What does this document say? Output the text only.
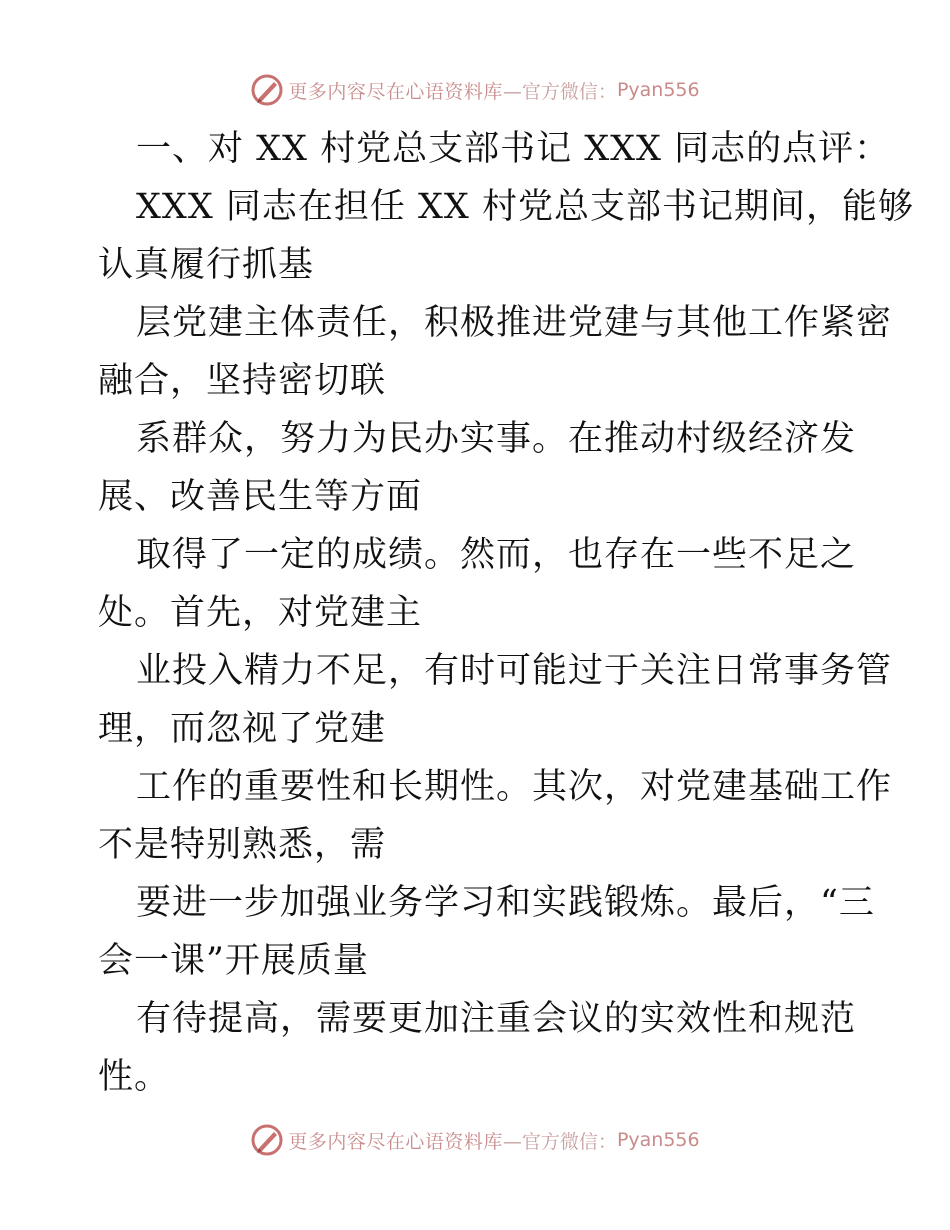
更多内容尽在心语资料库 —官方微信： Pyan556
一、对 XX 村党总支部书记 XXX 同志的点评：
XXX 同志在担任 XX 村党总支部书记期间，能够
认真履行抓基
层党建主体责任，积极推进党建与其他工作紧密
融合，坚持密切联
系群众，努力为民办实事。在推动村级经济发
展、改善民生等方面
取得了一定的成绩。然而，也存在一些不足之
处。首先，对党建主
业投入精力不足，有时可能过于关注日常事务管
理，而忽视了党建
工作的重要性和长期性。其次，对党建基础工作
不是特别熟悉，需
要进一步加强业务学习和实践锻炼。最后，“三
会一课”开展质量
有待提高，需要更加注重会议的实效性和规范
性。
更多内容尽在心语资料库 —官方微信： Pyan556
